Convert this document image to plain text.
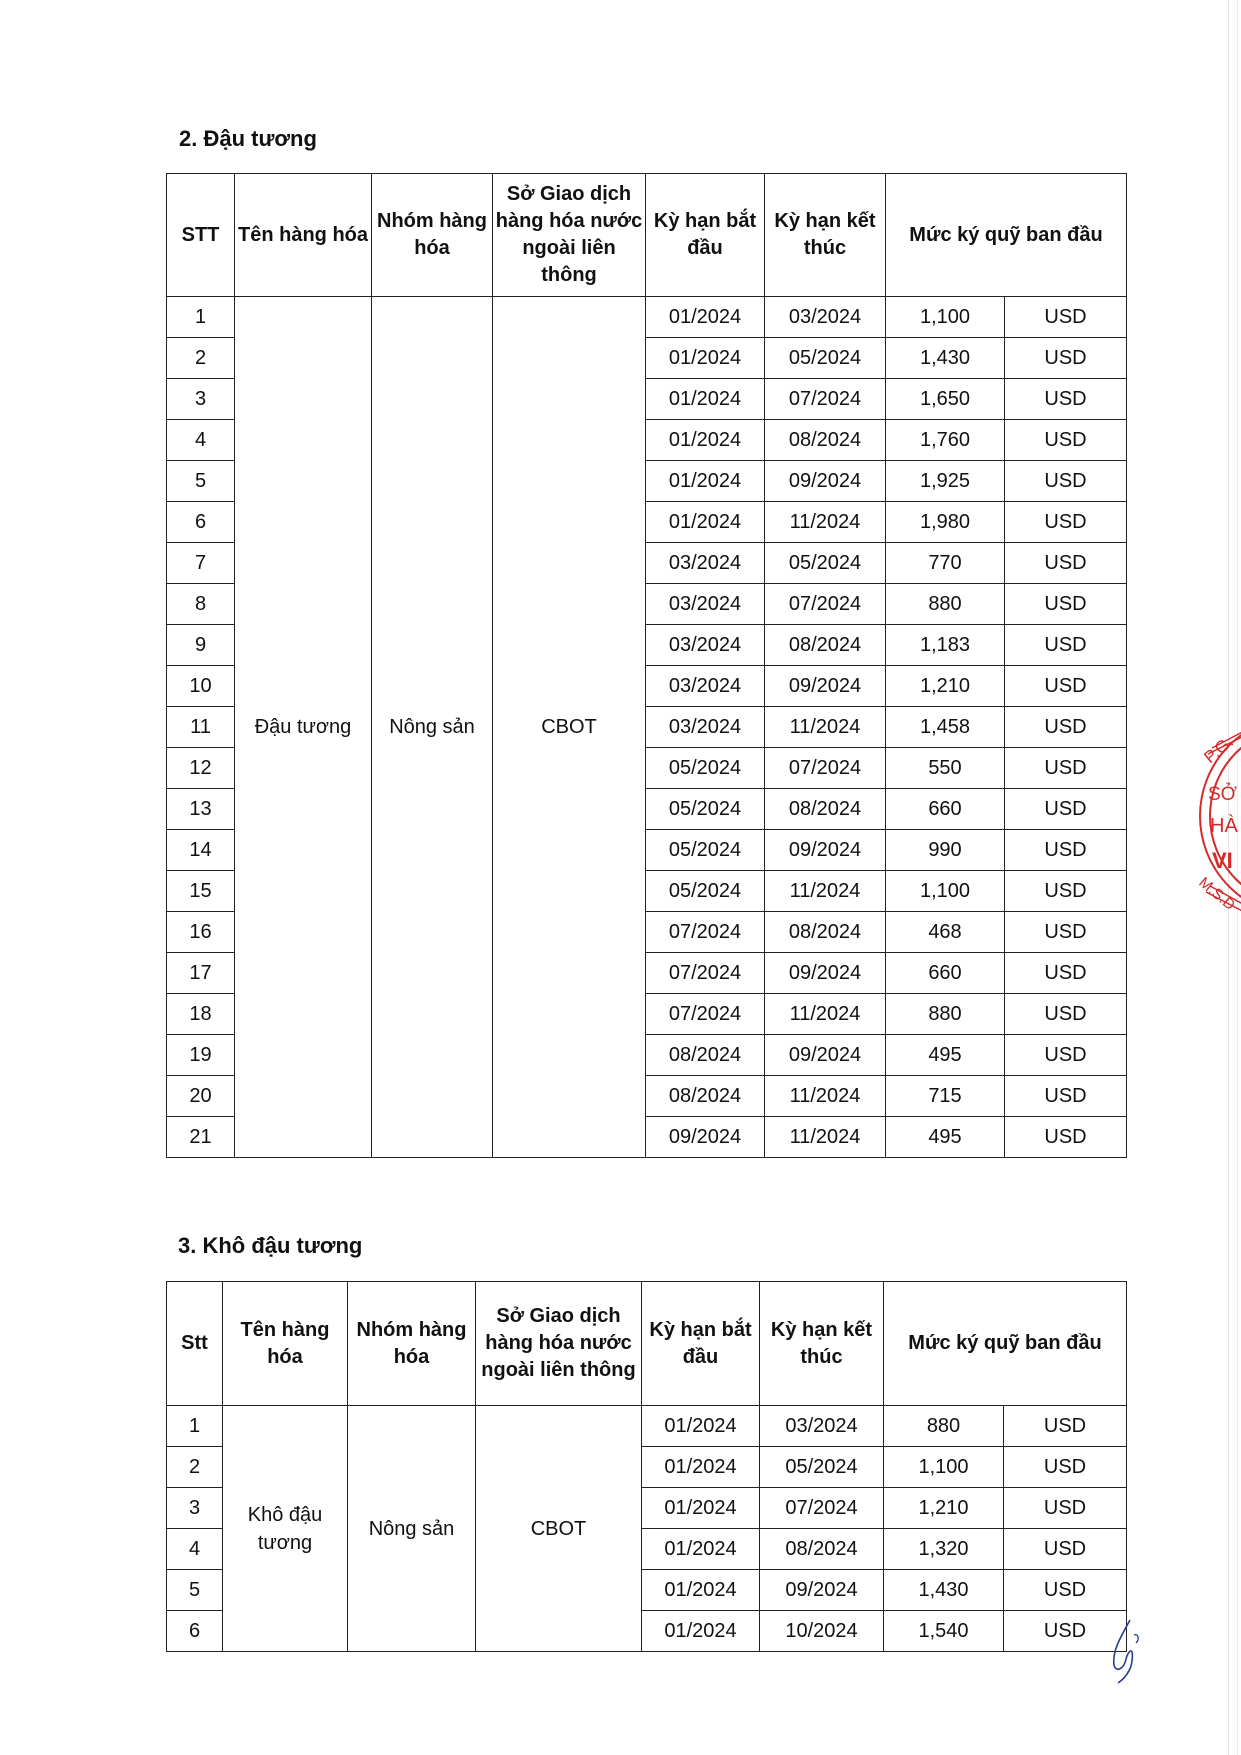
2. Đậu tương
STT	Tên hàng hóa	Nhóm hàng hóa	Sở Giao dịch hàng hóa nước ngoài liên thông	Kỳ hạn bắt đầu	Kỳ hạn kết thúc	Mức ký quỹ ban đầu	
1	Đậu tương	Nông sản	CBOT	01/2024	03/2024	1,100	USD
2				01/2024	05/2024	1,430	USD
3				01/2024	07/2024	1,650	USD
4				01/2024	08/2024	1,760	USD
5				01/2024	09/2024	1,925	USD
6				01/2024	11/2024	1,980	USD
7				03/2024	05/2024	770	USD
8				03/2024	07/2024	880	USD
9				03/2024	08/2024	1,183	USD
10				03/2024	09/2024	1,210	USD
11				03/2024	11/2024	1,458	USD
12				05/2024	07/2024	550	USD
13				05/2024	08/2024	660	USD
14				05/2024	09/2024	990	USD
15				05/2024	11/2024	1,100	USD
16				07/2024	08/2024	468	USD
17				07/2024	09/2024	660	USD
18				07/2024	11/2024	880	USD
19				08/2024	09/2024	495	USD
20				08/2024	11/2024	715	USD
21				09/2024	11/2024	495	USD
3. Khô đậu tương
Stt	Tên hàng hóa	Nhóm hàng hóa	Sở Giao dịch hàng hóa nước ngoài liên thông	Kỳ hạn bắt đầu	Kỳ hạn kết thúc	Mức ký quỹ ban đầu	
1	Khô đậu tương	Nông sản	CBOT	01/2024	03/2024	880	USD
2				01/2024	05/2024	1,100	USD
3				01/2024	07/2024	1,210	USD
4				01/2024	08/2024	1,320	USD
5				01/2024	09/2024	1,430	USD
6				01/2024	10/2024	1,540	USD
P.G.
SỞ
HÀ
VI
M.S.D
